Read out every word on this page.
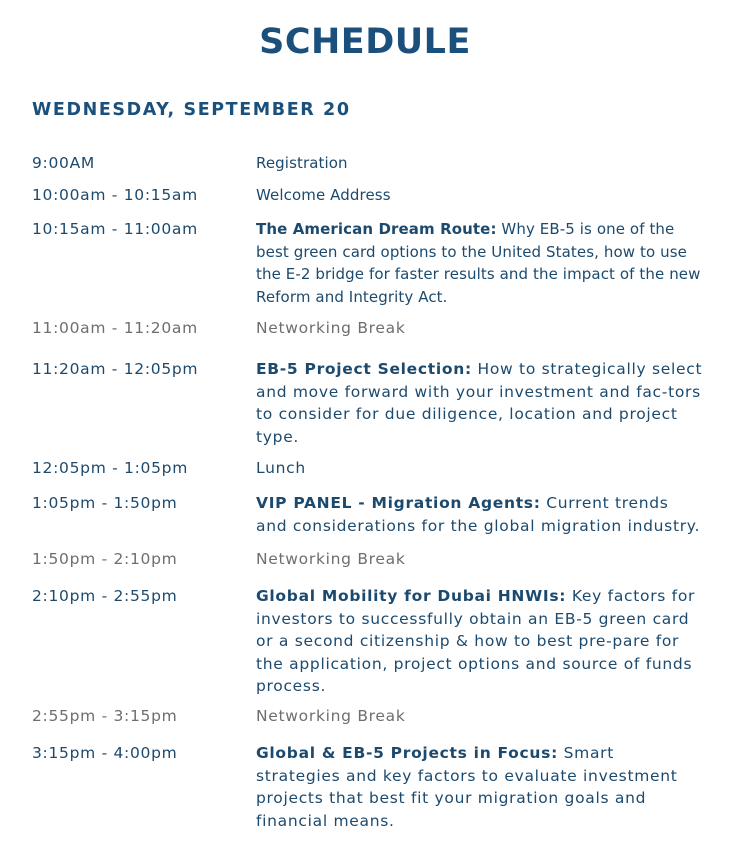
SCHEDULE
WEDNESDAY, SEPTEMBER 20
9:00AM	Registration
10:00am - 10:15am	Welcome Address
10:15am - 11:00am	The American Dream Route: Why EB-5 is one of the best green card options to the United States, how to use the E-2 bridge for faster results and the impact of the new Reform and Integrity Act.
11:00am - 11:20am	Networking Break
11:20am - 12:05pm	EB-5 Project Selection: How to strategically select and move forward with your investment and fac-tors to consider for due diligence, location and project type.
12:05pm - 1:05pm	Lunch
1:05pm - 1:50pm	VIP PANEL - Migration Agents: Current trends and considerations for the global migration industry.
1:50pm - 2:10pm	Networking Break
2:10pm - 2:55pm	Global Mobility for Dubai HNWIs: Key factors for investors to successfully obtain an EB-5 green card or a second citizenship & how to best pre-pare for the application, project options and source of funds process.
2:55pm - 3:15pm	Networking Break
3:15pm - 4:00pm	Global & EB-5 Projects in Focus: Smart strategies and key factors to evaluate investment projects that best fit your migration goals and financial means.
